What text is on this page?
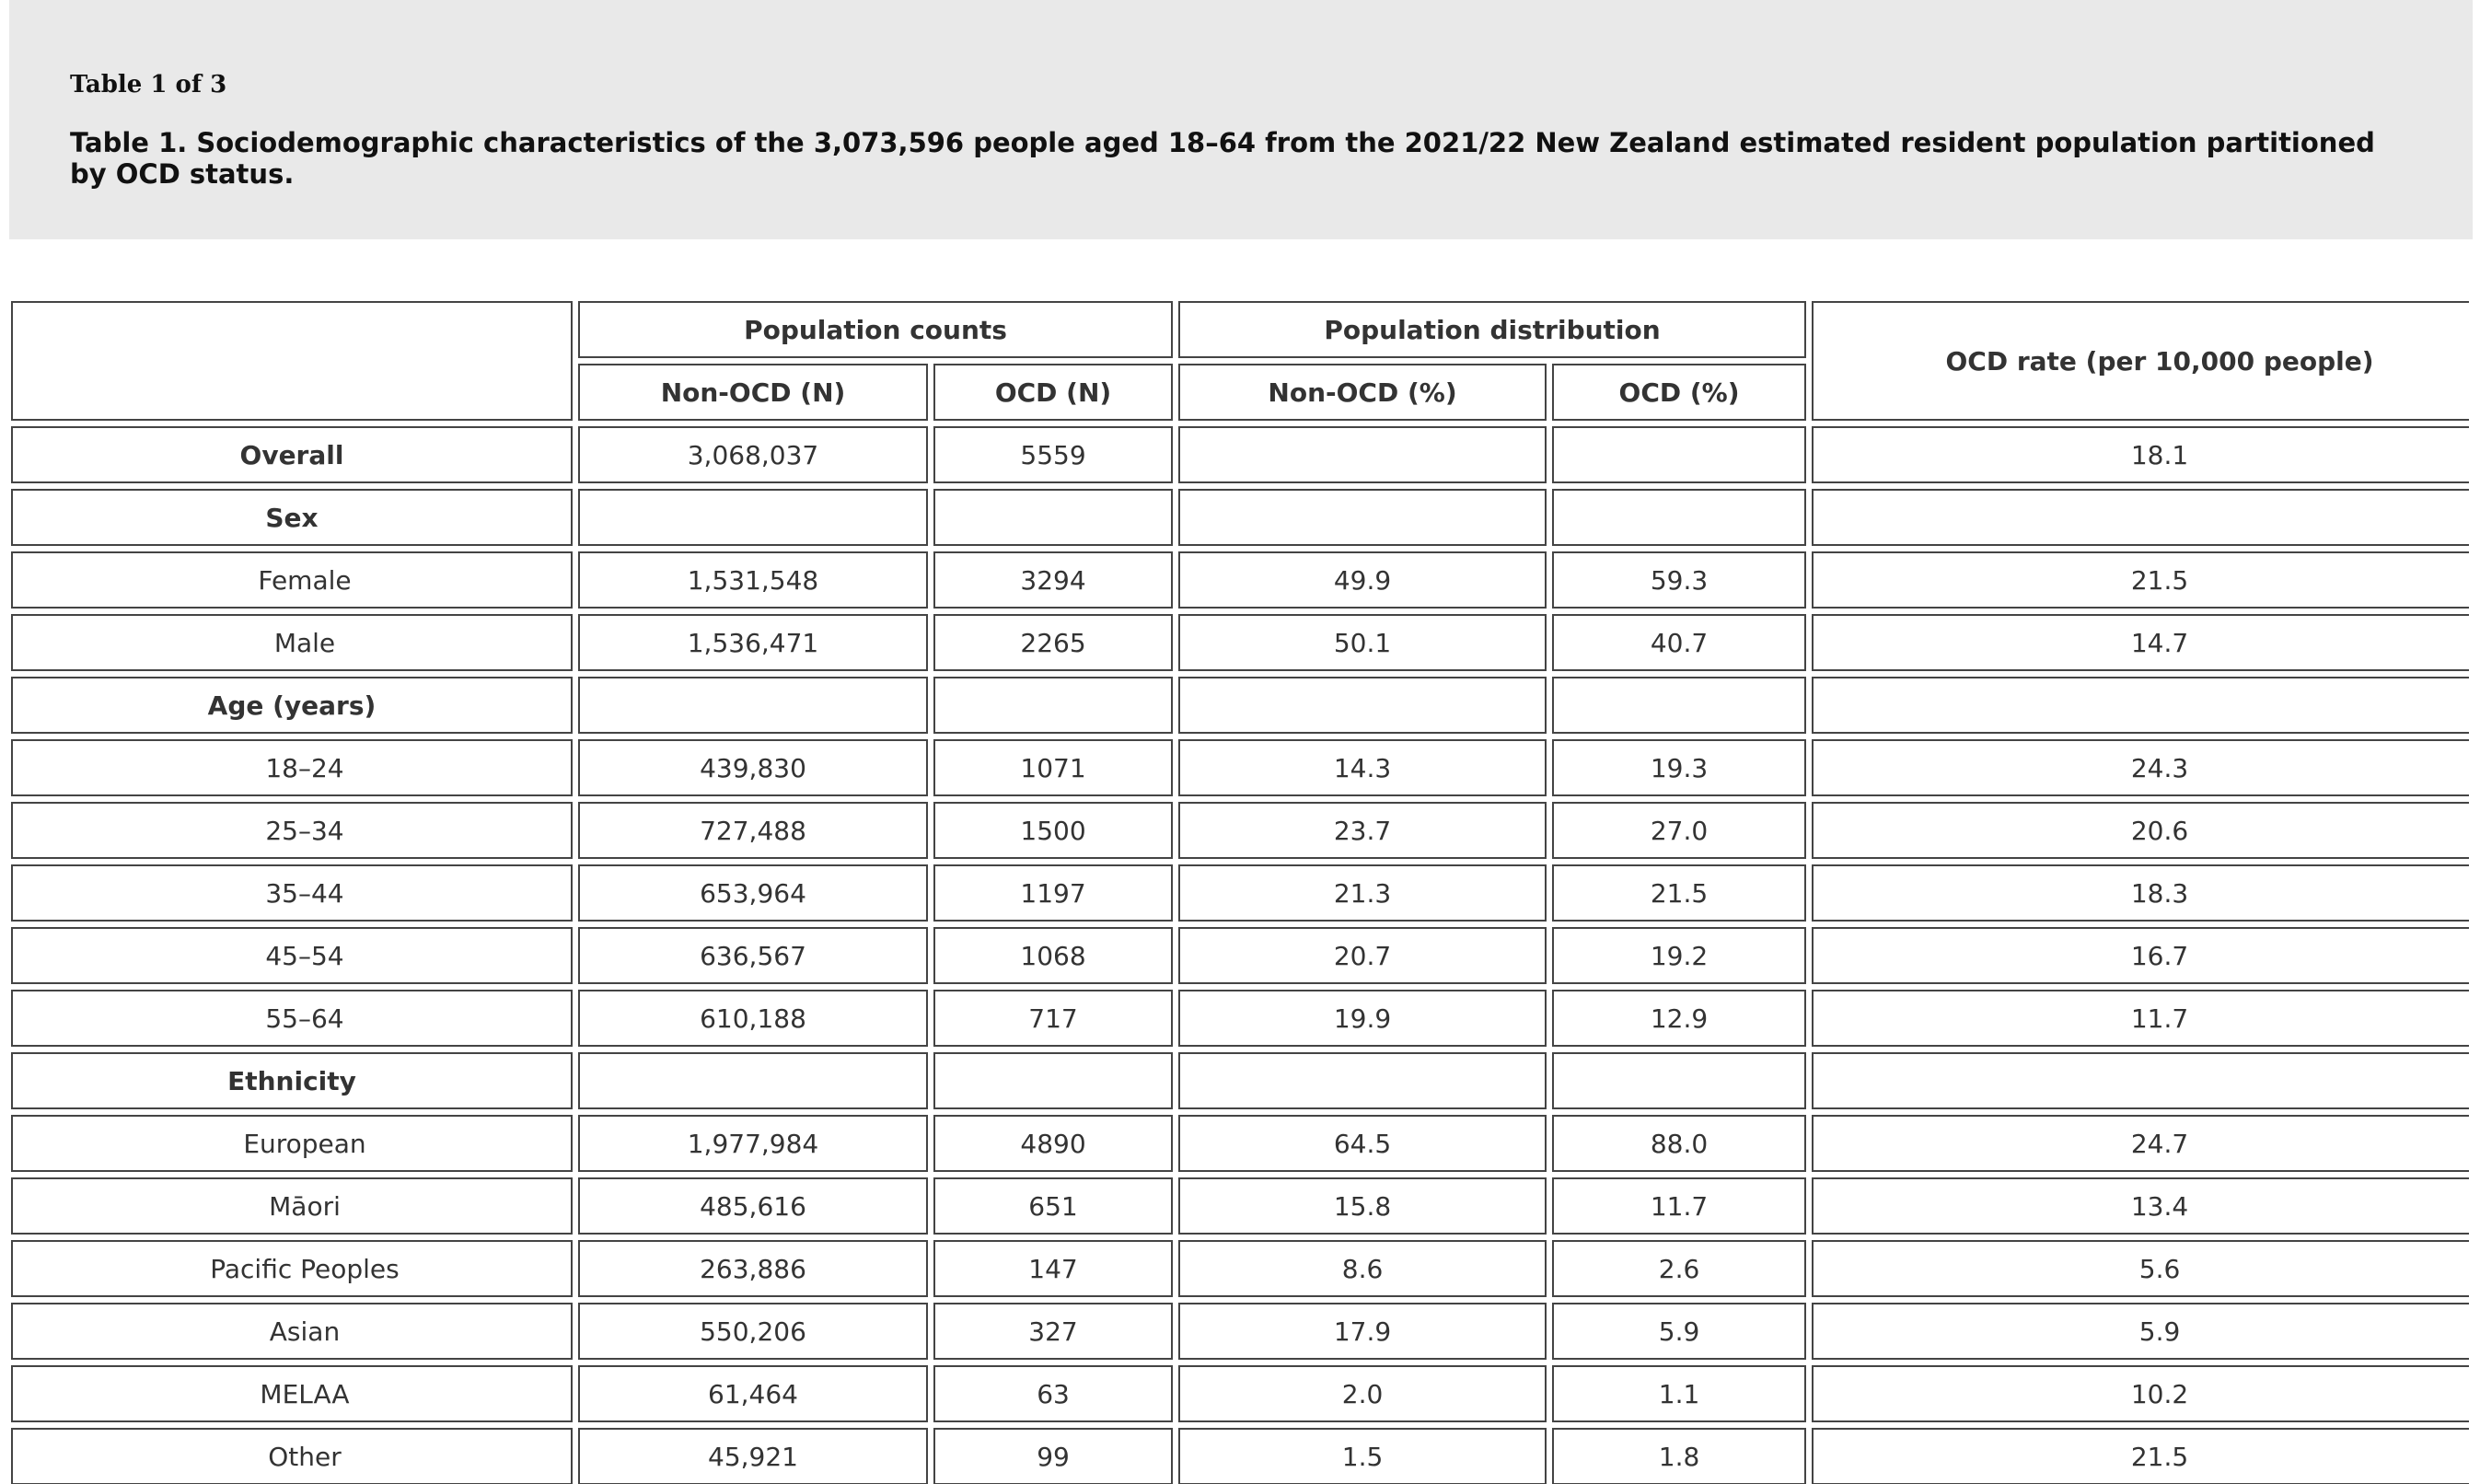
Table 1 of 3
Table 1. Sociodemographic characteristics of the 3,073,596 people aged 18–64 from the 2021/22 New Zealand estimated resident population partitioned by OCD status.
	Population counts		Population distribution		OCD rate (per 10,000 people)
	Non-OCD (N)	OCD (N)	Non-OCD (%)	OCD (%)	
Overall	3,068,037	5559			18.1
Sex					
Female	1,531,548	3294	49.9	59.3	21.5
Male	1,536,471	2265	50.1	40.7	14.7
Age (years)					
18–24	439,830	1071	14.3	19.3	24.3
25–34	727,488	1500	23.7	27.0	20.6
35–44	653,964	1197	21.3	21.5	18.3
45–54	636,567	1068	20.7	19.2	16.7
55–64	610,188	717	19.9	12.9	11.7
Ethnicity					
European	1,977,984	4890	64.5	88.0	24.7
Māori	485,616	651	15.8	11.7	13.4
Pacific Peoples	263,886	147	8.6	2.6	5.6
Asian	550,206	327	17.9	5.9	5.9
MELAA	61,464	63	2.0	1.1	10.2
Other	45,921	99	1.5	1.8	21.5
